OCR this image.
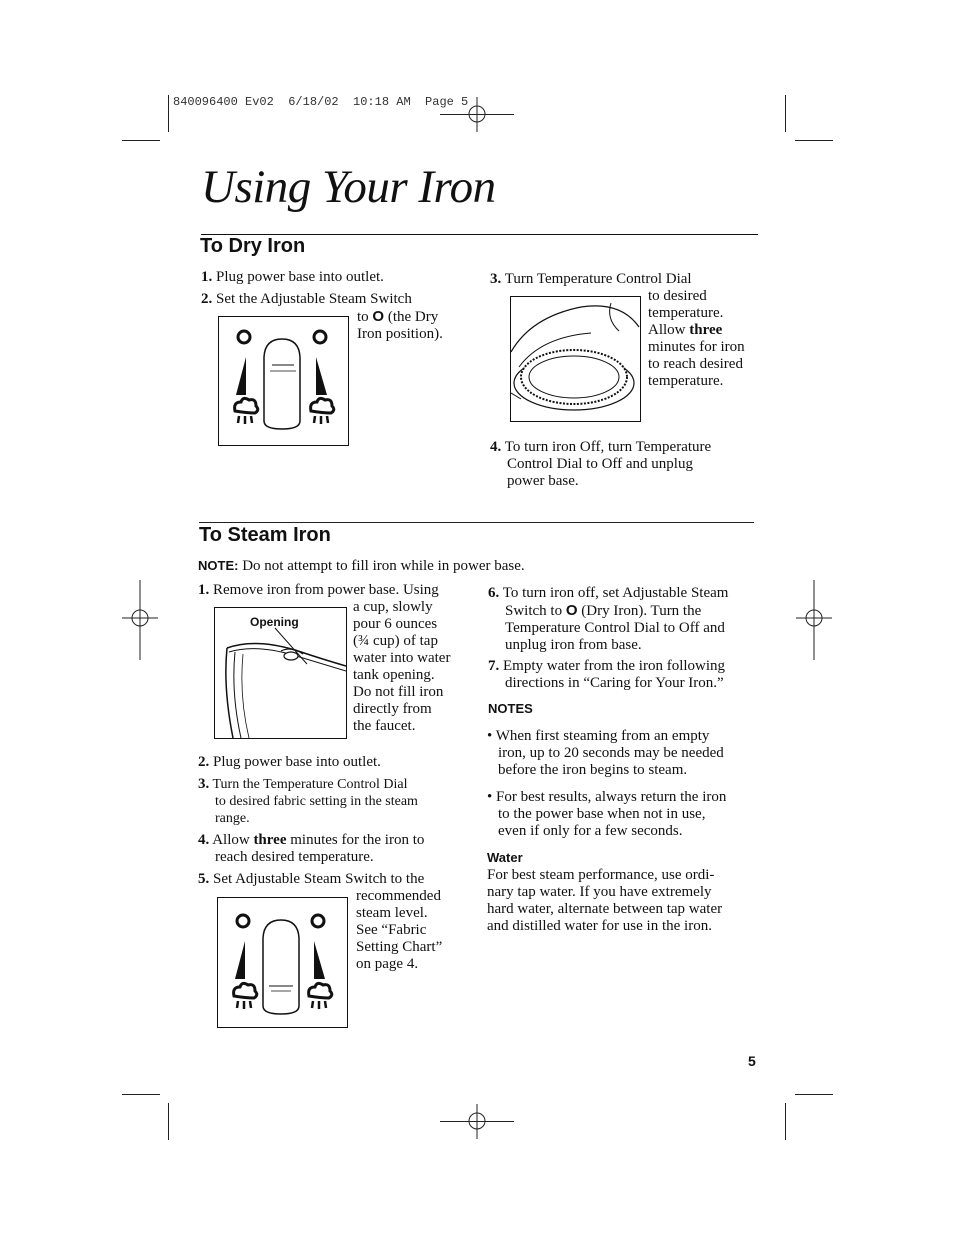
840096400 Ev02  6/18/02  10:18 AM  Page 5
Using Your Iron
To Dry Iron
1. Plug power base into outlet.
2. Set the Adjustable Steam Switch
to O (the Dry
Iron position).
3. Turn Temperature Control Dial
to desired
temperature.
Allow three
minutes for iron
to reach desired
temperature.
4. To turn iron Off, turn Temperature
Control Dial to Off and unplug
power base.
To Steam Iron
NOTE: Do not attempt to fill iron while in power base.
1. Remove iron from power base. Using
a cup, slowly
pour 6 ounces
(¾ cup) of tap
water into water
tank opening.
Do not fill iron
directly from
the faucet.
Opening
2. Plug power base into outlet.
3. Turn the Temperature Control Dial
to desired fabric setting in the steam
range.
4. Allow three minutes for the iron to
reach desired temperature.
5. Set Adjustable Steam Switch to the
recommended
steam level.
See “Fabric
Setting Chart”
on page 4.
6. To turn iron off, set Adjustable Steam
Switch to O (Dry Iron). Turn the
Temperature Control Dial to Off and
unplug iron from base.
7. Empty water from the iron following
directions in “Caring for Your Iron.”
NOTES
• When first steaming from an empty
iron, up to 20 seconds may be needed
before the iron begins to steam.
• For best results, always return the iron
to the power base when not in use,
even if only for a few seconds.
Water
For best steam performance, use ordi-
nary tap water. If you have extremely
hard water, alternate between tap water
and distilled water for use in the iron.
5
